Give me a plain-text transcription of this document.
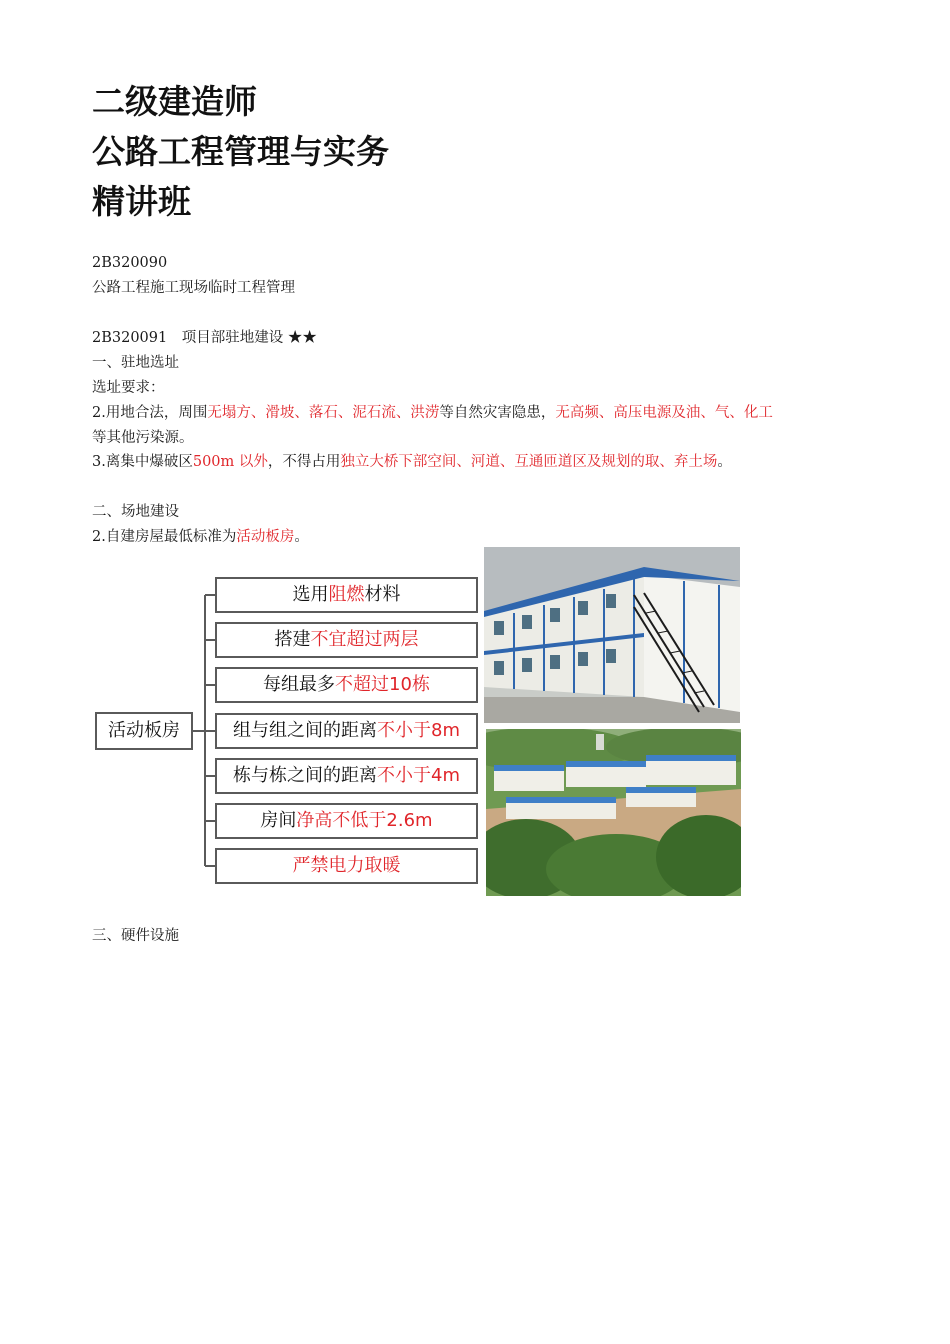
二级建造师
公路工程管理与实务
精讲班
2B320090
公路工程施工现场临时工程管理
2B320091　项目部驻地建设 ★★
一、驻地选址
选址要求：
2.用地合法，周围无塌方、滑坡、落石、泥石流、洪涝等自然灾害隐患，无高频、高压电源及油、气、化工
等其他污染源。
3.离集中爆破区500m 以外，不得占用独立大桥下部空间、河道、互通匝道区及规划的取、弃土场。
二、场地建设
2.自建房屋最低标准为活动板房。
活动板房
选用阻燃材料
搭建不宜超过两层
每组最多不超过10栋
组与组之间的距离不小于8m
栋与栋之间的距离不小于4m
房间净高不低于2.6m
严禁电力取暖
三、硬件设施
